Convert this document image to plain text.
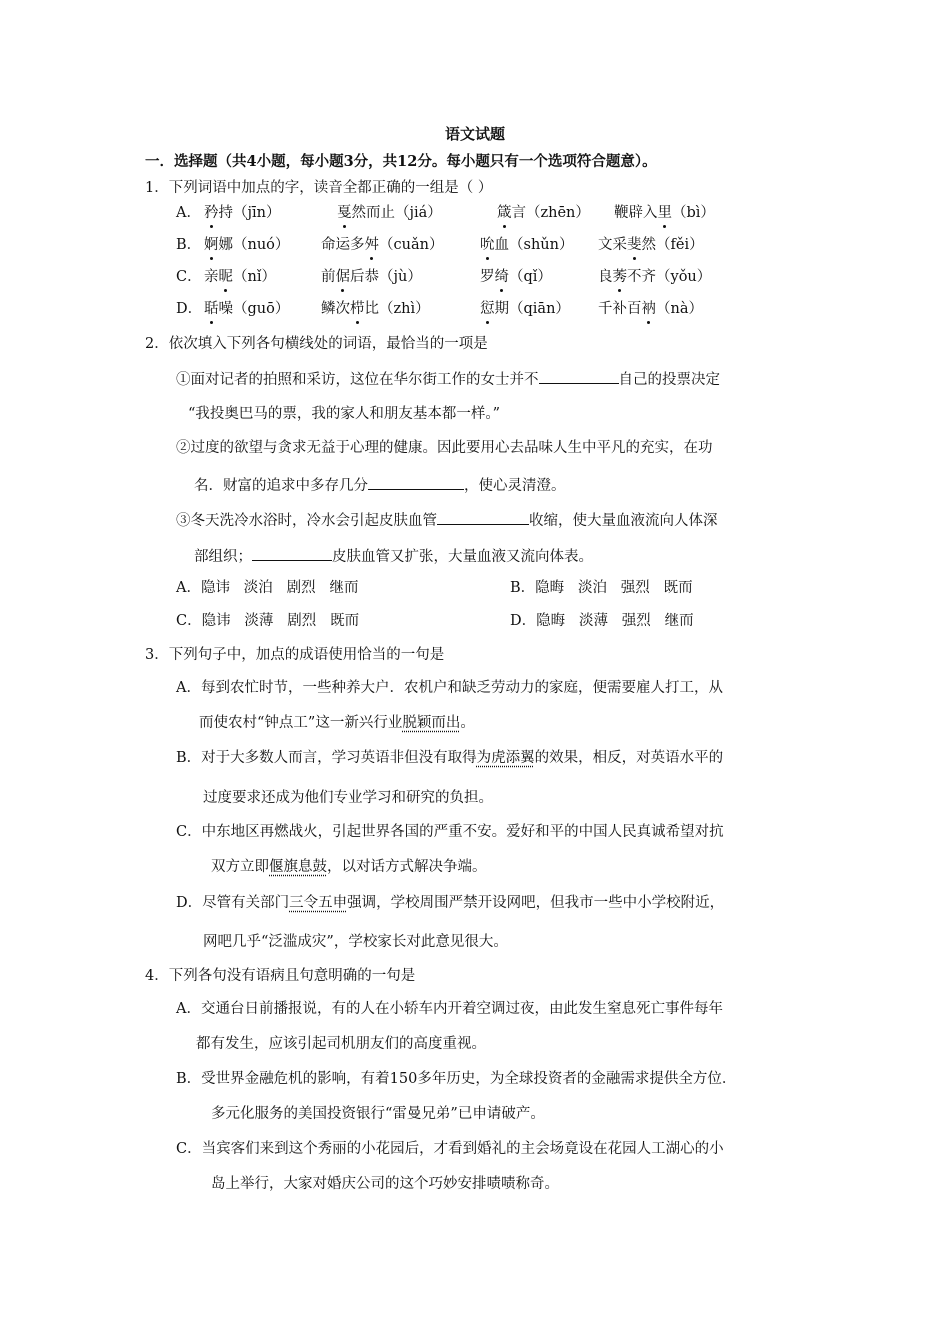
语文试题
一．选择题（共4小题，每小题3分，共12分。每小题只有一个选项符合题意）。
1．下列词语中加点的字，读音全都正确的一组是（ ）
A． 矜持（jīn）	戛然而止（jiá）	箴言（zhēn） 鞭辟入里（bì）
B． 婀娜（nuó） 命运多舛（cuǎn）	吮血（shǔn） 文采斐然（fěi）
C． 亲昵（nǐ）	前倨后恭（jù）	罗绮（qǐ）	良莠不齐（yǒu）
D． 聒噪（guō） 鳞次栉比（zhì）	愆期（qiān） 千补百衲（nà）
2．依次填入下列各句横线处的词语，最恰当的一项是
①面对记者的拍照和采访，这位在华尔街工作的女士并不	自己的投票决定
“我投奥巴马的票，我的家人和朋友基本都一样。”
②过度的欲望与贪求无益于心理的健康。因此要用心去品味人生中平凡的充实，在功
名．财富的追求中多存几分	，使心灵清澄。
③冬天洗冷水浴时，冷水会引起皮肤血管	收缩，使大量血液流向人体深
部组织；	皮肤血管又扩张，大量血液又流向体表。
A．隐讳   淡泊   剧烈   继而	B．隐晦   淡泊   强烈   既而
C．隐讳   淡薄   剧烈   既而	D．隐晦   淡薄   强烈   继而
3．下列句子中，加点的成语使用恰当的一句是
A．每到农忙时节，一些种养大户．农机户和缺乏劳动力的家庭，便需要雇人打工，从
而使农村“钟点工”这一新兴行业脱颖而出。
B．对于大多数人而言，学习英语非但没有取得为虎添翼的效果，相反，对英语水平的
过度要求还成为他们专业学习和研究的负担。
C．中东地区再燃战火，引起世界各国的严重不安。爱好和平的中国人民真诚希望对抗
双方立即偃旗息鼓，以对话方式解决争端。
D．尽管有关部门三令五申强调，学校周围严禁开设网吧，但我市一些中小学校附近，
网吧几乎“泛滥成灾”，学校家长对此意见很大。
4．下列各句没有语病且句意明确的一句是
A．交通台日前播报说，有的人在小轿车内开着空调过夜，由此发生窒息死亡事件每年
都有发生，应该引起司机朋友们的高度重视。
B．受世界金融危机的影响，有着150多年历史，为全球投资者的金融需求提供全方位．
多元化服务的美国投资银行“雷曼兄弟”已申请破产。
C．当宾客们来到这个秀丽的小花园后，才看到婚礼的主会场竟设在花园人工湖心的小
岛上举行，大家对婚庆公司的这个巧妙安排啧啧称奇。
